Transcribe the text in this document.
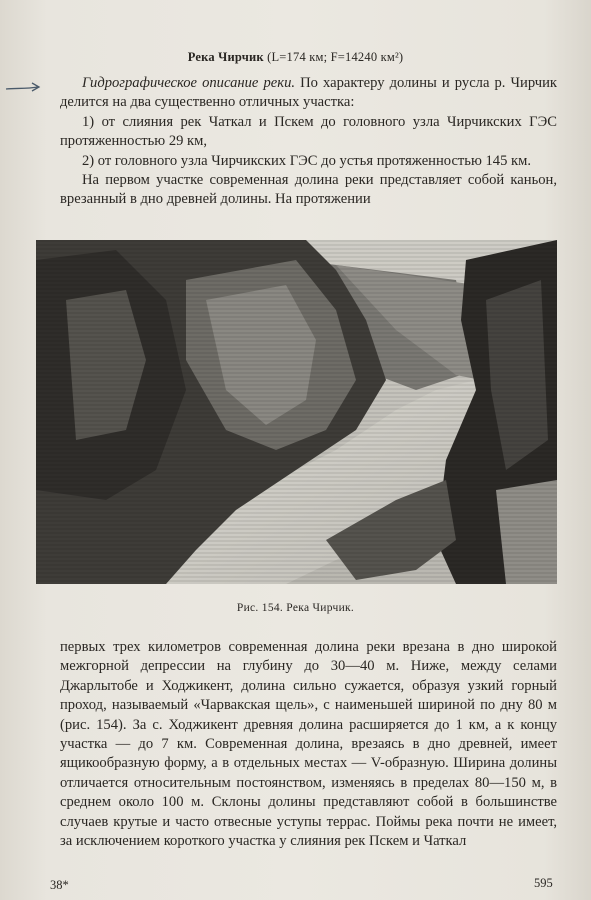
Река Чирчик (L=174 км; F=14240 км²)

Гидрографическое описание реки. По характеру долины и русла р. Чирчик делится на два существенно отличных участка:

1) от слияния рек Чаткал и Пскем до головного узла Чирчикских ГЭС протяженностью 29 км,

2) от головного узла Чирчикских ГЭС до устья протяженностью 145 км.

На первом участке современная долина реки представляет собой каньон, врезанный в дно древней долины. На протяжении

Рис. 154. Река Чирчик.

первых трех километров современная долина реки врезана в дно широкой межгорной депрессии на глубину до 30—40 м. Ниже, между селами Джарлытобе и Ходжикент, долина сильно сужается, образуя узкий горный проход, называемый «Чарвакская щель», с наименьшей шириной по дну 80 м (рис. 154). За с. Ходжикент древняя долина расширяется до 1 км, а к концу участка — до 7 км. Современная долина, врезаясь в дно древней, имеет ящикообразную форму, а в отдельных местах — V-образную. Ширина долины отличается относительным постоянством, изменяясь в пределах 80—150 м, в среднем около 100 м. Склоны долины представляют собой в большинстве случаев крутые и часто отвесные уступы террас. Поймы река почти не имеет, за исключением короткого участка у слияния рек Пскем и Чаткал

38*	595
